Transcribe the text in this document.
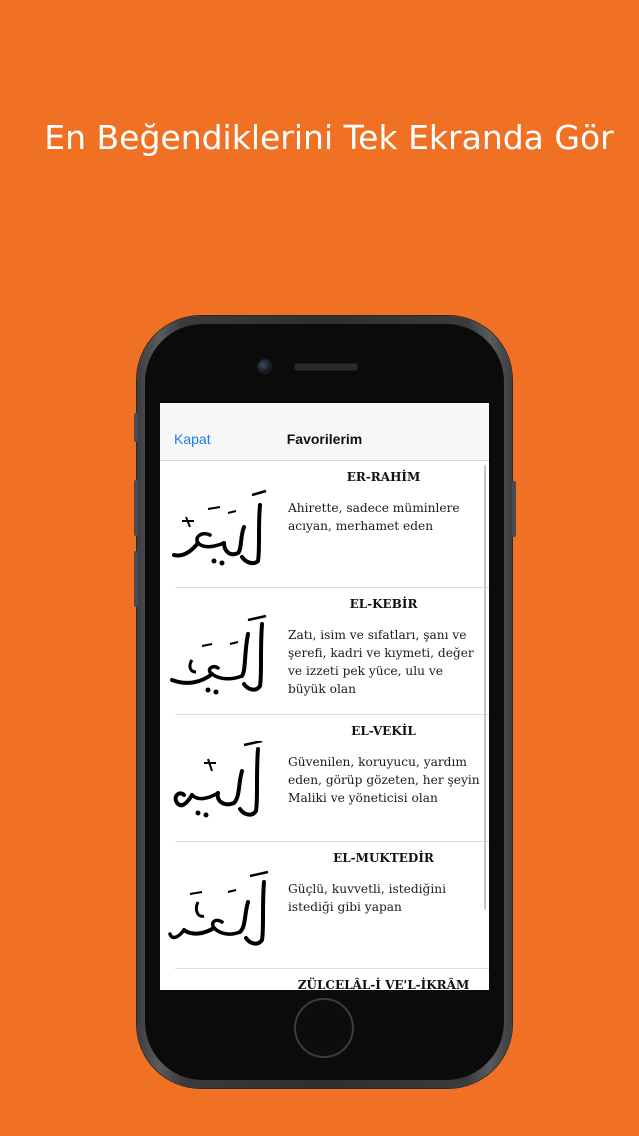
En Beğendiklerini Tek Ekranda Gör
Kapat	Favorilerim
ER-RAHİM
Ahirette, sadece müminlere acıyan, merhamet eden
EL-KEBİR
Zatı, isim ve sıfatları, şanı ve şerefi, kadri ve kıymeti, değer ve izzeti pek yüce, ulu ve büyük olan
EL-VEKİL
Güvenilen, koruyucu, yardım eden, görüp gözeten, her şeyin Maliki ve yöneticisi olan
EL-MUKTEDİR
Güçlü, kuvvetli, istediğini istediği gibi yapan
ZÜLCELÂL-İ VE'L-İKRÂM
